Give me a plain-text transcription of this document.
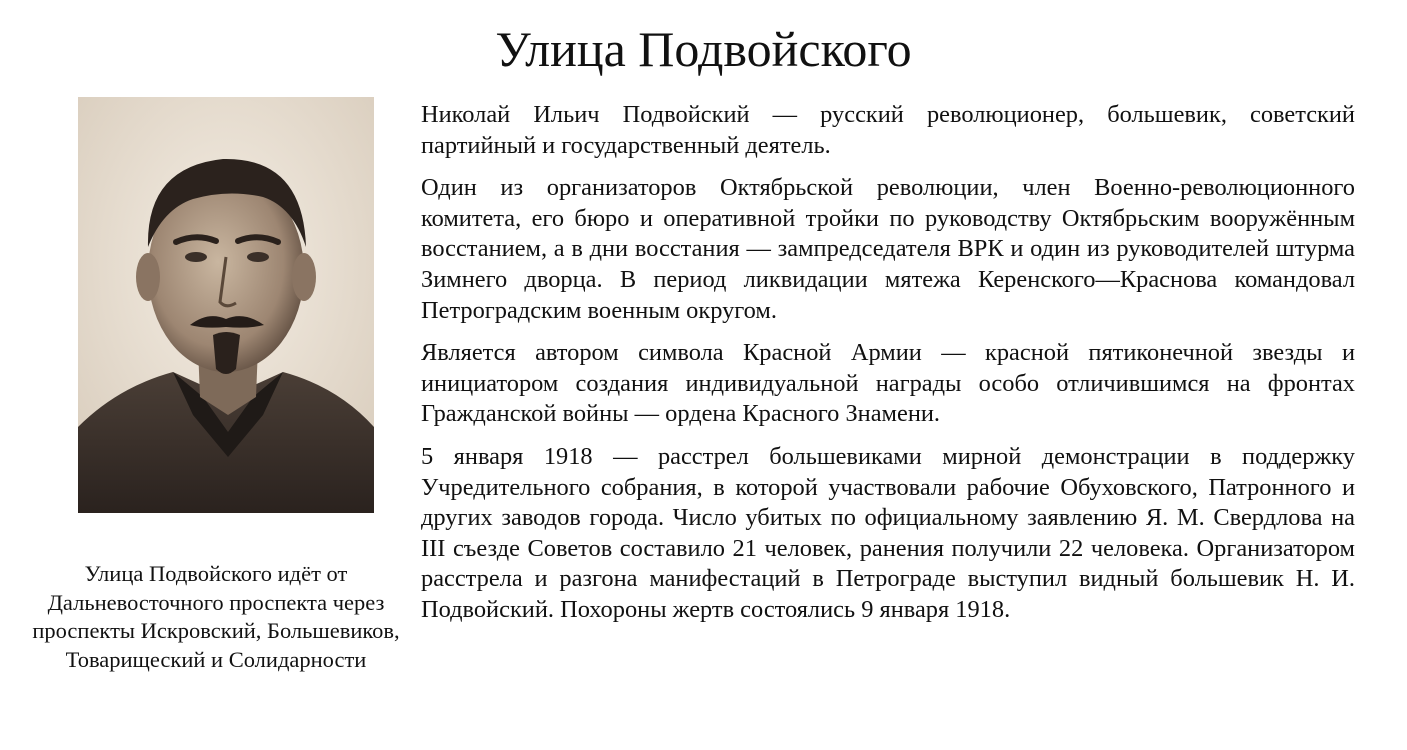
Улица Подвойского
Улица Подвойского идёт от Дальневосточного проспекта через проспекты Искровский, Большевиков, Товарищеский и Солидарности

Николай Ильич Подвойский — русский революционер, большевик, советский партийный и государственный деятель.

Один из организаторов Октябрьской революции, член Военно-революционного комитета, его бюро и оперативной тройки по руководству Октябрьским вооружённым восстанием, а в дни восстания — зампредседателя ВРК и один из руководителей штурма Зимнего дворца. В период ликвидации мятежа Керенского—Краснова командовал Петроградским военным округом.

Является автором символа Красной Армии — красной пятиконечной звезды и инициатором создания индивидуальной награды особо отличившимся на фронтах Гражданской войны — ордена Красного Знамени.

5 января 1918 — расстрел большевиками мирной демонстрации в поддержку Учредительного собрания, в которой участвовали рабочие Обуховского, Патронного и других заводов города. Число убитых по официальному заявлению Я. М. Свердлова на III съезде Советов составило 21 человек, ранения получили 22 человека. Организатором расстрела и разгона манифестаций в Петрограде выступил видный большевик Н. И. Подвойский. Похороны жертв состоялись 9 января 1918.
